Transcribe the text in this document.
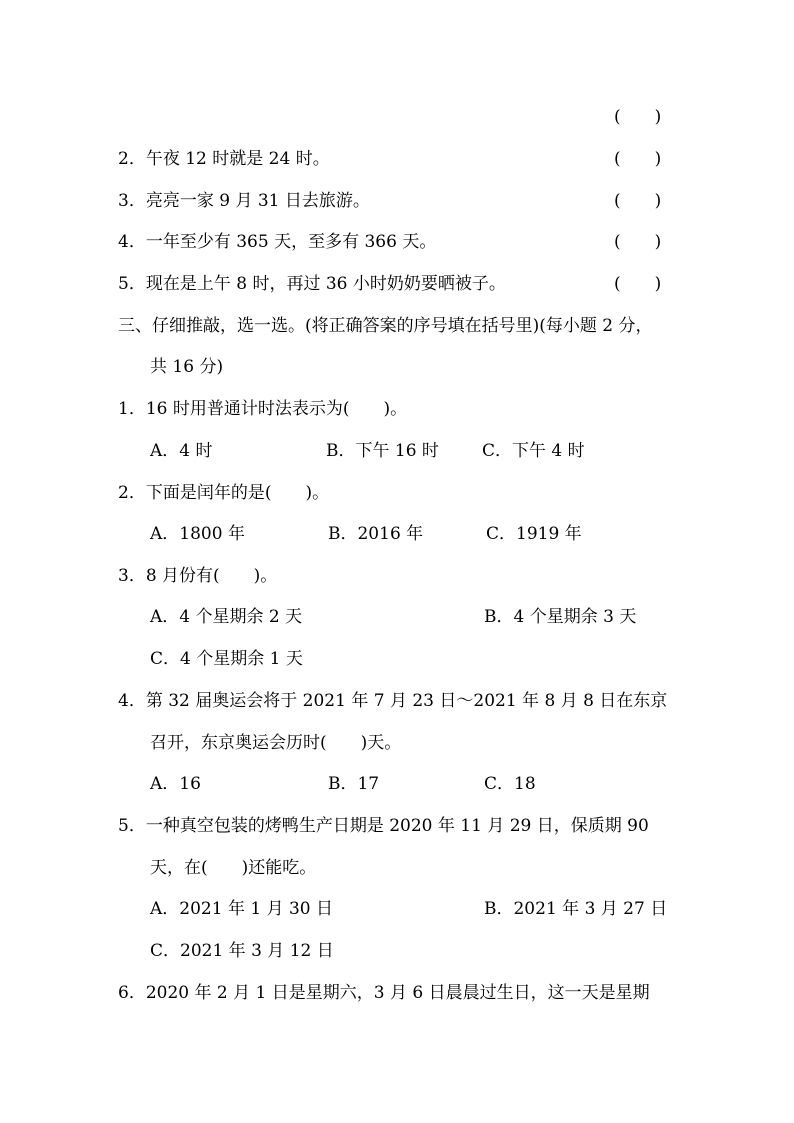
(　　)
2．午夜 12 时就是 24 时。	(　　)
3．亮亮一家 9 月 31 日去旅游。	(　　)
4．一年至少有 365 天，至多有 366 天。	(　　)
5．现在是上午 8 时，再过 36 小时奶奶要晒被子。	(　　)
三、仔细推敲，选一选。(将正确答案的序号填在括号里)(每小题 2 分，
共 16 分)
1．16 时用普通计时法表示为(　　)。
A．4 时	B．下午 16 时	C．下午 4 时
2．下面是闰年的是(　　)。
A．1800 年	B．2016 年	C．1919 年
3．8 月份有(　　)。
A．4 个星期余 2 天	B．4 个星期余 3 天
C．4 个星期余 1 天
4．第 32 届奥运会将于 2021 年 7 月 23 日～2021 年 8 月 8 日在东京
召开，东京奥运会历时(　　)天。
A．16	B．17	C．18
5．一种真空包装的烤鸭生产日期是 2020 年 11 月 29 日，保质期 90
天，在(　　)还能吃。
A．2021 年 1 月 30 日	B．2021 年 3 月 27 日
C．2021 年 3 月 12 日
6．2020 年 2 月 1 日是星期六，3 月 6 日晨晨过生日，这一天是星期
